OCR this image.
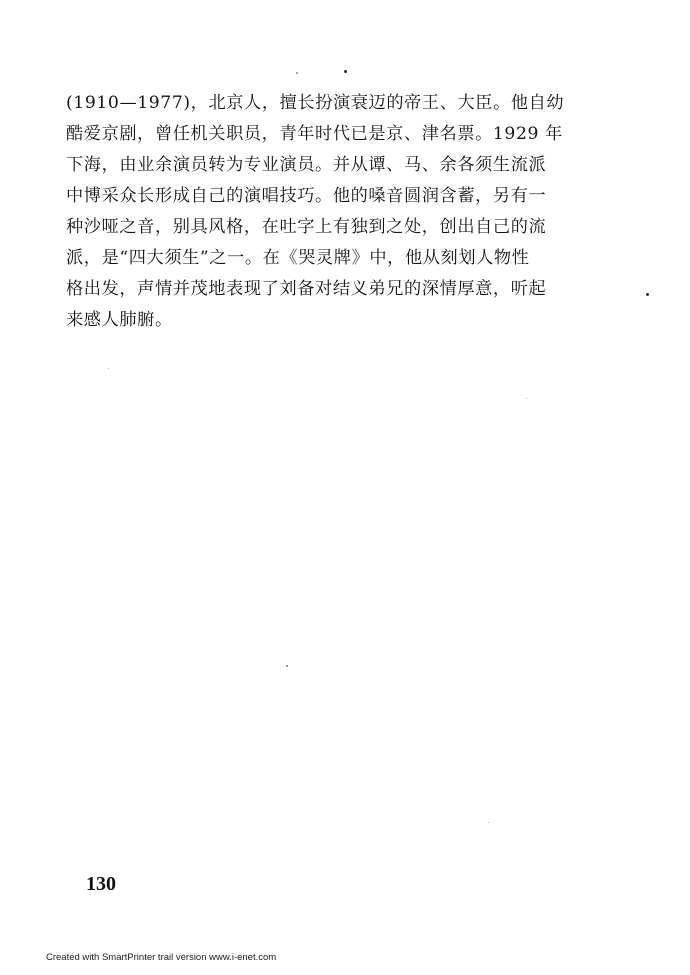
(1910—1977)，北京人，擅长扮演衰迈的帝王、大臣。他自幼
酷爱京剧，曾任机关职员，青年时代已是京、津名票。1929 年
下海，由业余演员转为专业演员。并从谭、马、余各须生流派
中博采众长形成自己的演唱技巧。他的嗓音圆润含蓄，另有一
种沙哑之音，别具风格，在吐字上有独到之处，创出自己的流
派，是“四大须生”之一。在《哭灵牌》中，他从刻划人物性
格出发，声情并茂地表现了刘备对结义弟兄的深情厚意，听起
来感人肺腑。
130
Created with SmartPrinter trail version www.i-enet.com
